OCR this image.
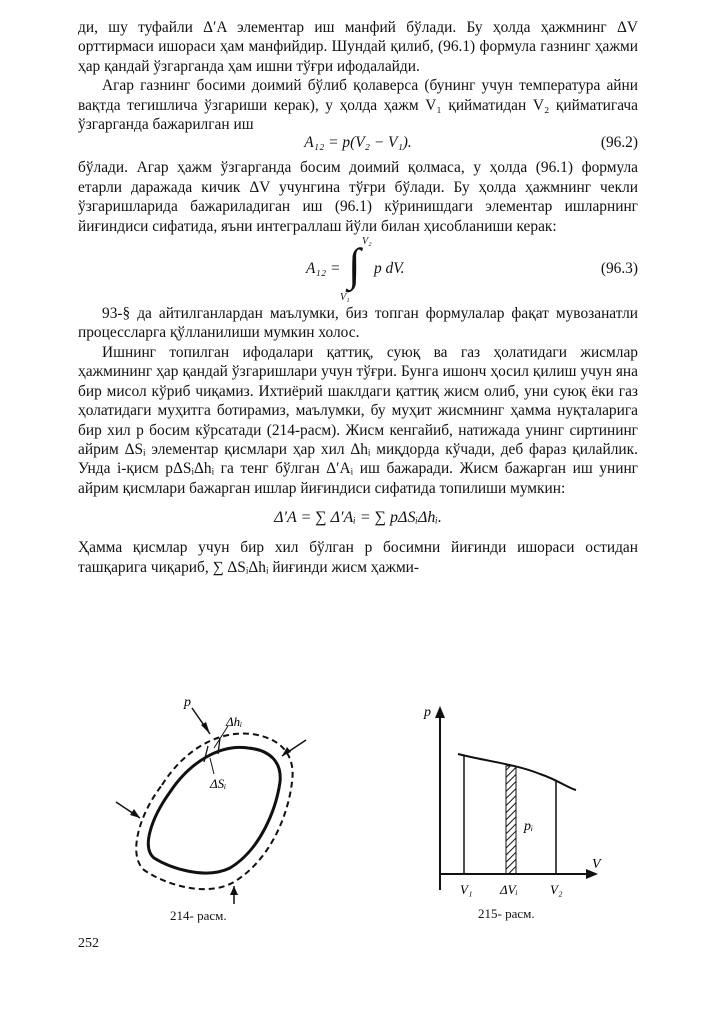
ди, шу туфайли Δ′A элементар иш манфий бўлади. Бу ҳолда ҳажмнинг ΔV орттирмаси ишораси ҳам манфийдир. Шундай қилиб, (96.1) формула газнинг ҳажми ҳар қандай ўзгарганда ҳам ишни тўғри ифодалайди.

Агар газнинг босими доимий бўлиб қолаверса (бунинг учун температура айни вақтда тегишлича ўзгариши керак), у ҳолда ҳажм V₁ қийматидан V₂ қийматигача ўзгарганда бажарилган иш

A₁₂ = p(V₂ − V₁).	(96.2)

бўлади. Агар ҳажм ўзгарганда босим доимий қолмаса, у ҳолда (96.1) формула етарли даражада кичик ΔV учунгина тўғри бўлади. Бу ҳолда ҳажмнинг чекли ўзгаришларида бажариладиган иш (96.1) кўринишдаги элементар ишларнинг йиғиндиси сифатида, яъни интеграллаш йўли билан ҳисобланиши керак:

A₁₂ = ∫ V₂
V₁
p dV.	(96.3)

93-§ да айтилганлардан маълумки, биз топган формулалар фақат мувозанатли процессларга қўлланилиши мумкин холос.

Ишнинг топилган ифодалари қаттиқ, суюқ ва газ ҳолатидаги жисмлар ҳажмининг ҳар қандай ўзгаришлари учун тўғри. Бунга ишонч ҳосил қилиш учун яна бир мисол кўриб чиқамиз. Ихтиёрий шаклдаги қаттиқ жисм олиб, уни суюқ ёки газ ҳолатидаги муҳитга ботирамиз, маълумки, бу муҳит жисмнинг ҳамма нуқталарига бир хил p босим кўрсатади (214-расм). Жисм кенгайиб, натижада унинг сиртининг айрим ΔSᵢ элементар қисмлари ҳар хил Δhᵢ миқдорда кўчади, деб фараз қилайлик. Унда i-қисм pΔSᵢΔhᵢ га тенг бўлган Δ′Aᵢ иш бажаради. Жисм бажарган иш унинг айрим қисмлари бажарган ишлар йиғиндиси сифатида топилиши мумкин:

Δ′A = ∑ Δ′Aᵢ = ∑ pΔSᵢΔhᵢ.

Ҳамма қисмлар учун бир хил бўлган p босимни йиғинди ишораси остидан ташқарига чиқариб, ∑ ΔSᵢΔhᵢ йиғинди жисм ҳажми-

p
Δhᵢ
ΔSᵢ
214- расм.
p
pᵢ
V
V₁ ΔVᵢ V₂
215- расм.
252
